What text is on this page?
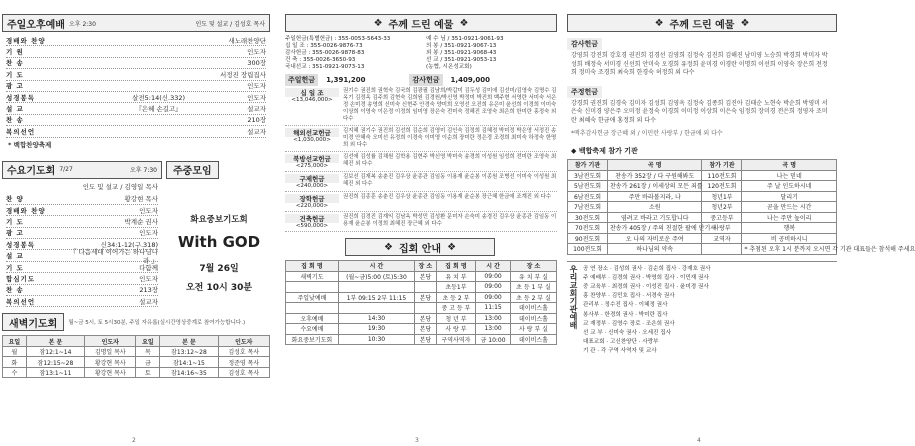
주일오후예배 오후 2:30	인도 및 설교 / 김성호 목사
경배와 찬양	새노래찬양단
기 원	인도자
찬 송	300장
기 도	서정진 장립집사
광 고	인도자
성경봉독	살전5:14(신.332)	인도자
설 교	『은혜 손길고』	설교자
찬 송	210장
복의선언	설교자
* 백합찬양축제
수요기도회 7/27	오후 7:30	주중모임
인도 및 설교 / 김영일 목사
찬 양	황강현 목사
경배와 찬양	인도자
기 도	박계순 권사
광 고	인도자
성경봉독	신34:1-12(구.318)
설 교
『 다음세대 이어가는 하나님나라 』
기 도	다함께
합심기도	인도자
찬 송	213장
복의선언	설교자
화요중보기도회
With GOD
7월 26일
오전 10시 30분
새벽기도회	월~금 5시, 토 5시30분, 주일 자유롭(실시간영상중계로 참여가능합니다.)
요일	본 문	인도자	요일	본 문	인도자
월	잠12:1~14	김명일 목사	목	잠13:12~28	김성호 목사
화	잠12:15~28	황강현 목사	금	잠14:1~15	정준영 목사
수	잠13:1~11	황강현 목사	토	잠14:16~35	김성호 목사
2
❖ 주께 드린 예물 ❖
주일헌금(특별헌금) : 355-0053-5643-33
십 일 조 : 355-0026-9876-73
감사헌금 : 355-0026-9878-83
건 축 : 355-0026-3650-93
국내선교 : 351-0921-9073-13
예 수 님 / 351-0921-9061-93
의 봉 / 351-0921-9067-13
외 봉 / 351-0921-9068-43
선 교 / 351-0921-9053-13
(농협, 시온성교회)
주일헌금	1,391,200	감사헌금	1,409,000
십 일 조
<13,046,000>
권기수 권진희 권혁숙 김국희 김광필 김남희/박갑미 김두성 김미애 김선미/김영숙 김명수 김옥기 김정옥 김주희 김현숙 김희원 김경원/박신영 박정미 박진희 백주현 서영란 서미숙 서은정 손미경 송영희 신미숙 신현주 안경숙 양미희 오영선 오진희 유은미 윤선희 이경희 이미숙 이상희 이영숙 이은정 이정희 임미영 장은숙 전미숙 정혜진 조영숙 최은희 한미란 홍정숙 외 다수
해외선교헌금
<1,030,000>
김지혜 권기수 권진희 김선희 김순희 김영미 김인숙 김정희 김혜정 박미정 박은영 서정진 송미경 안혜숙 오미선 유정희 이경숙 이미영 이순희 장미란 정은경 조경희 최미숙 하정숙 한명희 외 다수
북방선교헌금
<275,000>
김선애 김성률 김채원 김학용 김현주 박신영 박미숙 송경희 이성원 임성희 전미란 조영숙 최혜진 외 다수
구제헌금
<240,000>
김보선 김재복 송춘진 김우상 윤종관 김임동 이용재 윤순봉 이종원 조병선 이미숙 이성원 최혜진 외 다수
장학헌금
<220,000>
권진희 김종훈 송춘진 김우상 윤종관 김임동 이용재 윤순봉 장근혜 한금애 조계진 외 다수
건축헌금
<590,000>
권진희 김경진 김재익 김남옥 박성민 김성환 문미자 손숙미 송경진 김우상 윤종관 김임동 이용재 윤순봉 이정희 최혜진 장근혜 외 다수
❖ 집회 안내 ❖
집 회 명	시 간	장 소	집 회 명	시 간	장 소
새벽기도	(월~금)5:00 (토)5:30	본당	유 치 부	09:00	유 치 부 실
			초등1부	09:00	초 등 1 부 실
주일낮예배	1부 09:15 2부 11:15	본당	초 등 2 부	09:00	초 등 2 부 실
			중 고 등 부	11:15	데이비스홀
오후예배	14:30	본당	청 년 부	13:00	데이비스홀
수요예배	19:30	본당	사 랑 부	13:00	사 랑 부 실
화요중보기도회	10:30	본당	구역사역자	금 10:00	데이비스홀
3
❖ 주께 드린 예물 ❖
감사헌금
강영희 강진희 강호경 권진희 김경선 김영희 김정숙 김진희 김해진 남미영 노승희 박경희 박미자 박성희 배정숙 서미경 신선희 안미숙 오경희 유정희 윤미경 이경란 이명희 이선희 이영숙 장은희 전정희 정미숙 조경희 최숙희 한경숙 허정희 외 다수
주정헌금
강경희 권진희 김경숙 김미자 김성희 김영옥 김정숙 김종희 김진아 김태순 노현숙 박순희 박영미 서은숙 신미경 양은주 오미정 윤정숙 이경희 이미정 이상희 이은숙 임정희 장미경 전은희 정영자 조미란 최혜숙 한금애 홍정희 외 다수
*맥추감사헌금 장근혜 외 / 이민란 사랑부 / 한금애 외 다수
◆ 백합축제 참가 기관
참가 기관	곡 명	참가 기관	곡 명
3남전도회	찬송가 352장 / 다 구원해봐도	110전도회	나는 믿네
5남전도회	찬송가 261장 / 이세상의 모든 죄를	120전도회	주 날 인도하시네
6남전도회	주만 바라볼지라, 나	청년1부	달리기
7남전도회	소원	청년2부	곧을 만드는 시간
30전도회	염려고 바라고 기도합니다	중고등부	나는 주만 높이리
70전도회	찬송가 405장 / 주의 친절한 팔에 안기세	사랑부	행복
90전도회	오 나의 자비로운 주여	교역자	비 공비하시니
100전도회	하나님의 약속		* 추첨된 오후 1시 분까지 오시면 각 기관 대표들은 참석해 주세요
우리교회기관예배 공 연 장소 · 김성희 권사 · 김순희 집사 · 강재호 권사
주 예배부 · 김경희 권사 · 박영희 집사 · 이민재 권사
중 교육부 · 최정희 권사 · 이성진 집사 · 윤미경 권사
홍 찬양부 · 김민호 집사 · 서경숙 권사
관리부 · 정수진 집사 · 이혜정 권사
봉사부 · 한경희 권사 · 박미란 집사
교 재정부 · 김영수 장로 · 조은희 권사
선 교 부 · 신미숙 권사 · 오세진 집사
대표교회 · 고신찬양단 · 사랑부
기 관 · 각 구역 사역자 및 교사
4
